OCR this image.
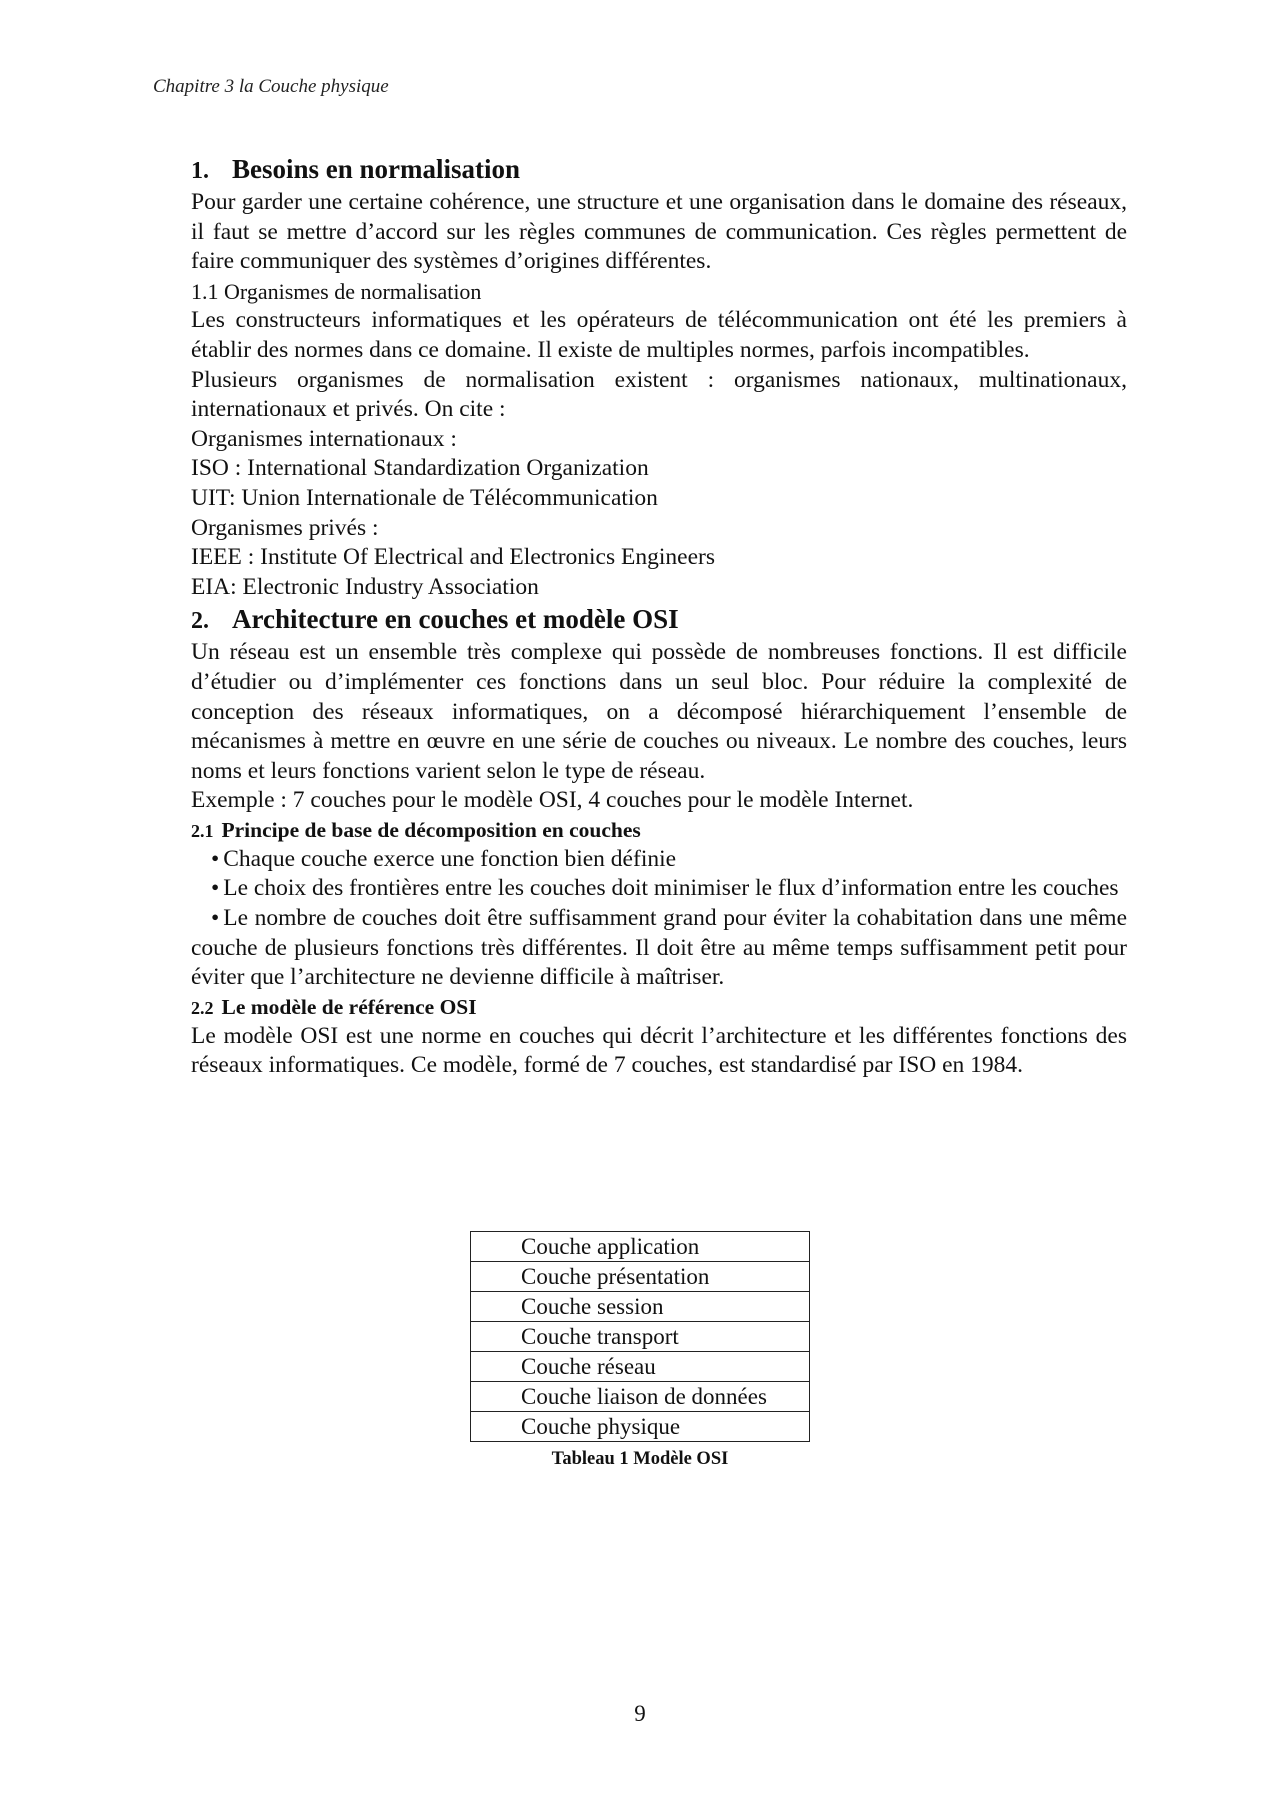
Chapitre 3 la Couche physique
1. Besoins en normalisation

Pour garder une certaine cohérence, une structure et une organisation dans le domaine des réseaux, il faut se mettre d’accord sur les règles communes de communication. Ces règles permettent de faire communiquer des systèmes d’origines différentes.

1.1 Organismes de normalisation

Les constructeurs informatiques et les opérateurs de télécommunication ont été les premiers à établir des normes dans ce domaine. Il existe de multiples normes, parfois incompatibles.

Plusieurs organismes de normalisation existent : organismes nationaux, multinationaux, internationaux et privés. On cite :

Organismes internationaux :

ISO : International Standardization Organization

UIT: Union Internationale de Télécommunication

Organismes privés :

IEEE : Institute Of Electrical and Electronics Engineers

EIA: Electronic Industry Association

2. Architecture en couches et modèle OSI

Un réseau est un ensemble très complexe qui possède de nombreuses fonctions. Il est difficile d’étudier ou d’implémenter ces fonctions dans un seul bloc. Pour réduire la complexité de conception des réseaux informatiques, on a décomposé hiérarchiquement l’ensemble de mécanismes à mettre en œuvre en une série de couches ou niveaux. Le nombre des couches, leurs noms et leurs fonctions varient selon le type de réseau.

Exemple : 7 couches pour le modèle OSI, 4 couches pour le modèle Internet.

2.1 Principe de base de décomposition en couches

• Chaque couche exerce une fonction bien définie

• Le choix des frontières entre les couches doit minimiser le flux d’information entre les couches

• Le nombre de couches doit être suffisamment grand pour éviter la cohabitation dans une même couche de plusieurs fonctions très différentes. Il doit être au même temps suffisamment petit pour éviter que l’architecture ne devienne difficile à maîtriser.

2.2 Le modèle de référence OSI

Le modèle OSI est une norme en couches qui décrit l’architecture et les différentes fonctions des réseaux informatiques. Ce modèle, formé de 7 couches, est standardisé par ISO en 1984.

Couche application
Couche présentation
Couche session
Couche transport
Couche réseau
Couche liaison de données
Couche physique
Tableau 1 Modèle OSI
9
